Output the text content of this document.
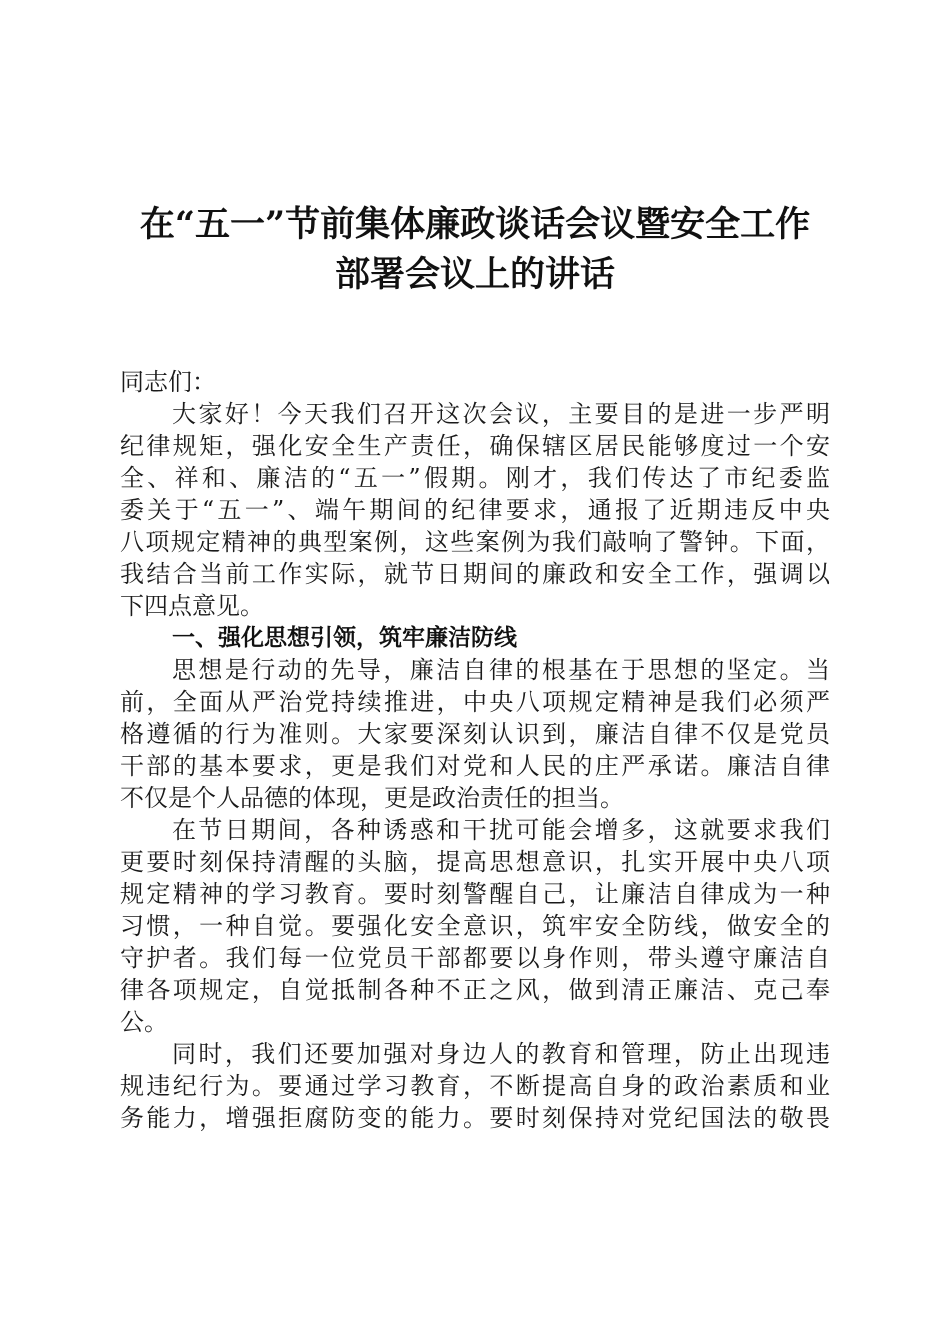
在“五一”节前集体廉政谈话会议暨安全工作
部署会议上的讲话
同志们：
大家好！今天我们召开这次会议，主要目的是进一步严明
纪律规矩，强化安全生产责任，确保辖区居民能够度过一个安
全、祥和、廉洁的“五一”假期。刚才，我们传达了市纪委监
委关于“五一”、端午期间的纪律要求，通报了近期违反中央
八项规定精神的典型案例，这些案例为我们敲响了警钟。下面，
我结合当前工作实际，就节日期间的廉政和安全工作，强调以
下四点意见。
一、强化思想引领，筑牢廉洁防线
思想是行动的先导，廉洁自律的根基在于思想的坚定。当
前，全面从严治党持续推进，中央八项规定精神是我们必须严
格遵循的行为准则。大家要深刻认识到，廉洁自律不仅是党员
干部的基本要求，更是我们对党和人民的庄严承诺。廉洁自律
不仅是个人品德的体现，更是政治责任的担当。
在节日期间，各种诱惑和干扰可能会增多，这就要求我们
更要时刻保持清醒的头脑，提高思想意识，扎实开展中央八项
规定精神的学习教育。要时刻警醒自己，让廉洁自律成为一种
习惯，一种自觉。要强化安全意识，筑牢安全防线，做安全的
守护者。我们每一位党员干部都要以身作则，带头遵守廉洁自
律各项规定，自觉抵制各种不正之风，做到清正廉洁、克己奉
公。
同时，我们还要加强对身边人的教育和管理，防止出现违
规违纪行为。要通过学习教育，不断提高自身的政治素质和业
务能力，增强拒腐防变的能力。要时刻保持对党纪国法的敬畏
